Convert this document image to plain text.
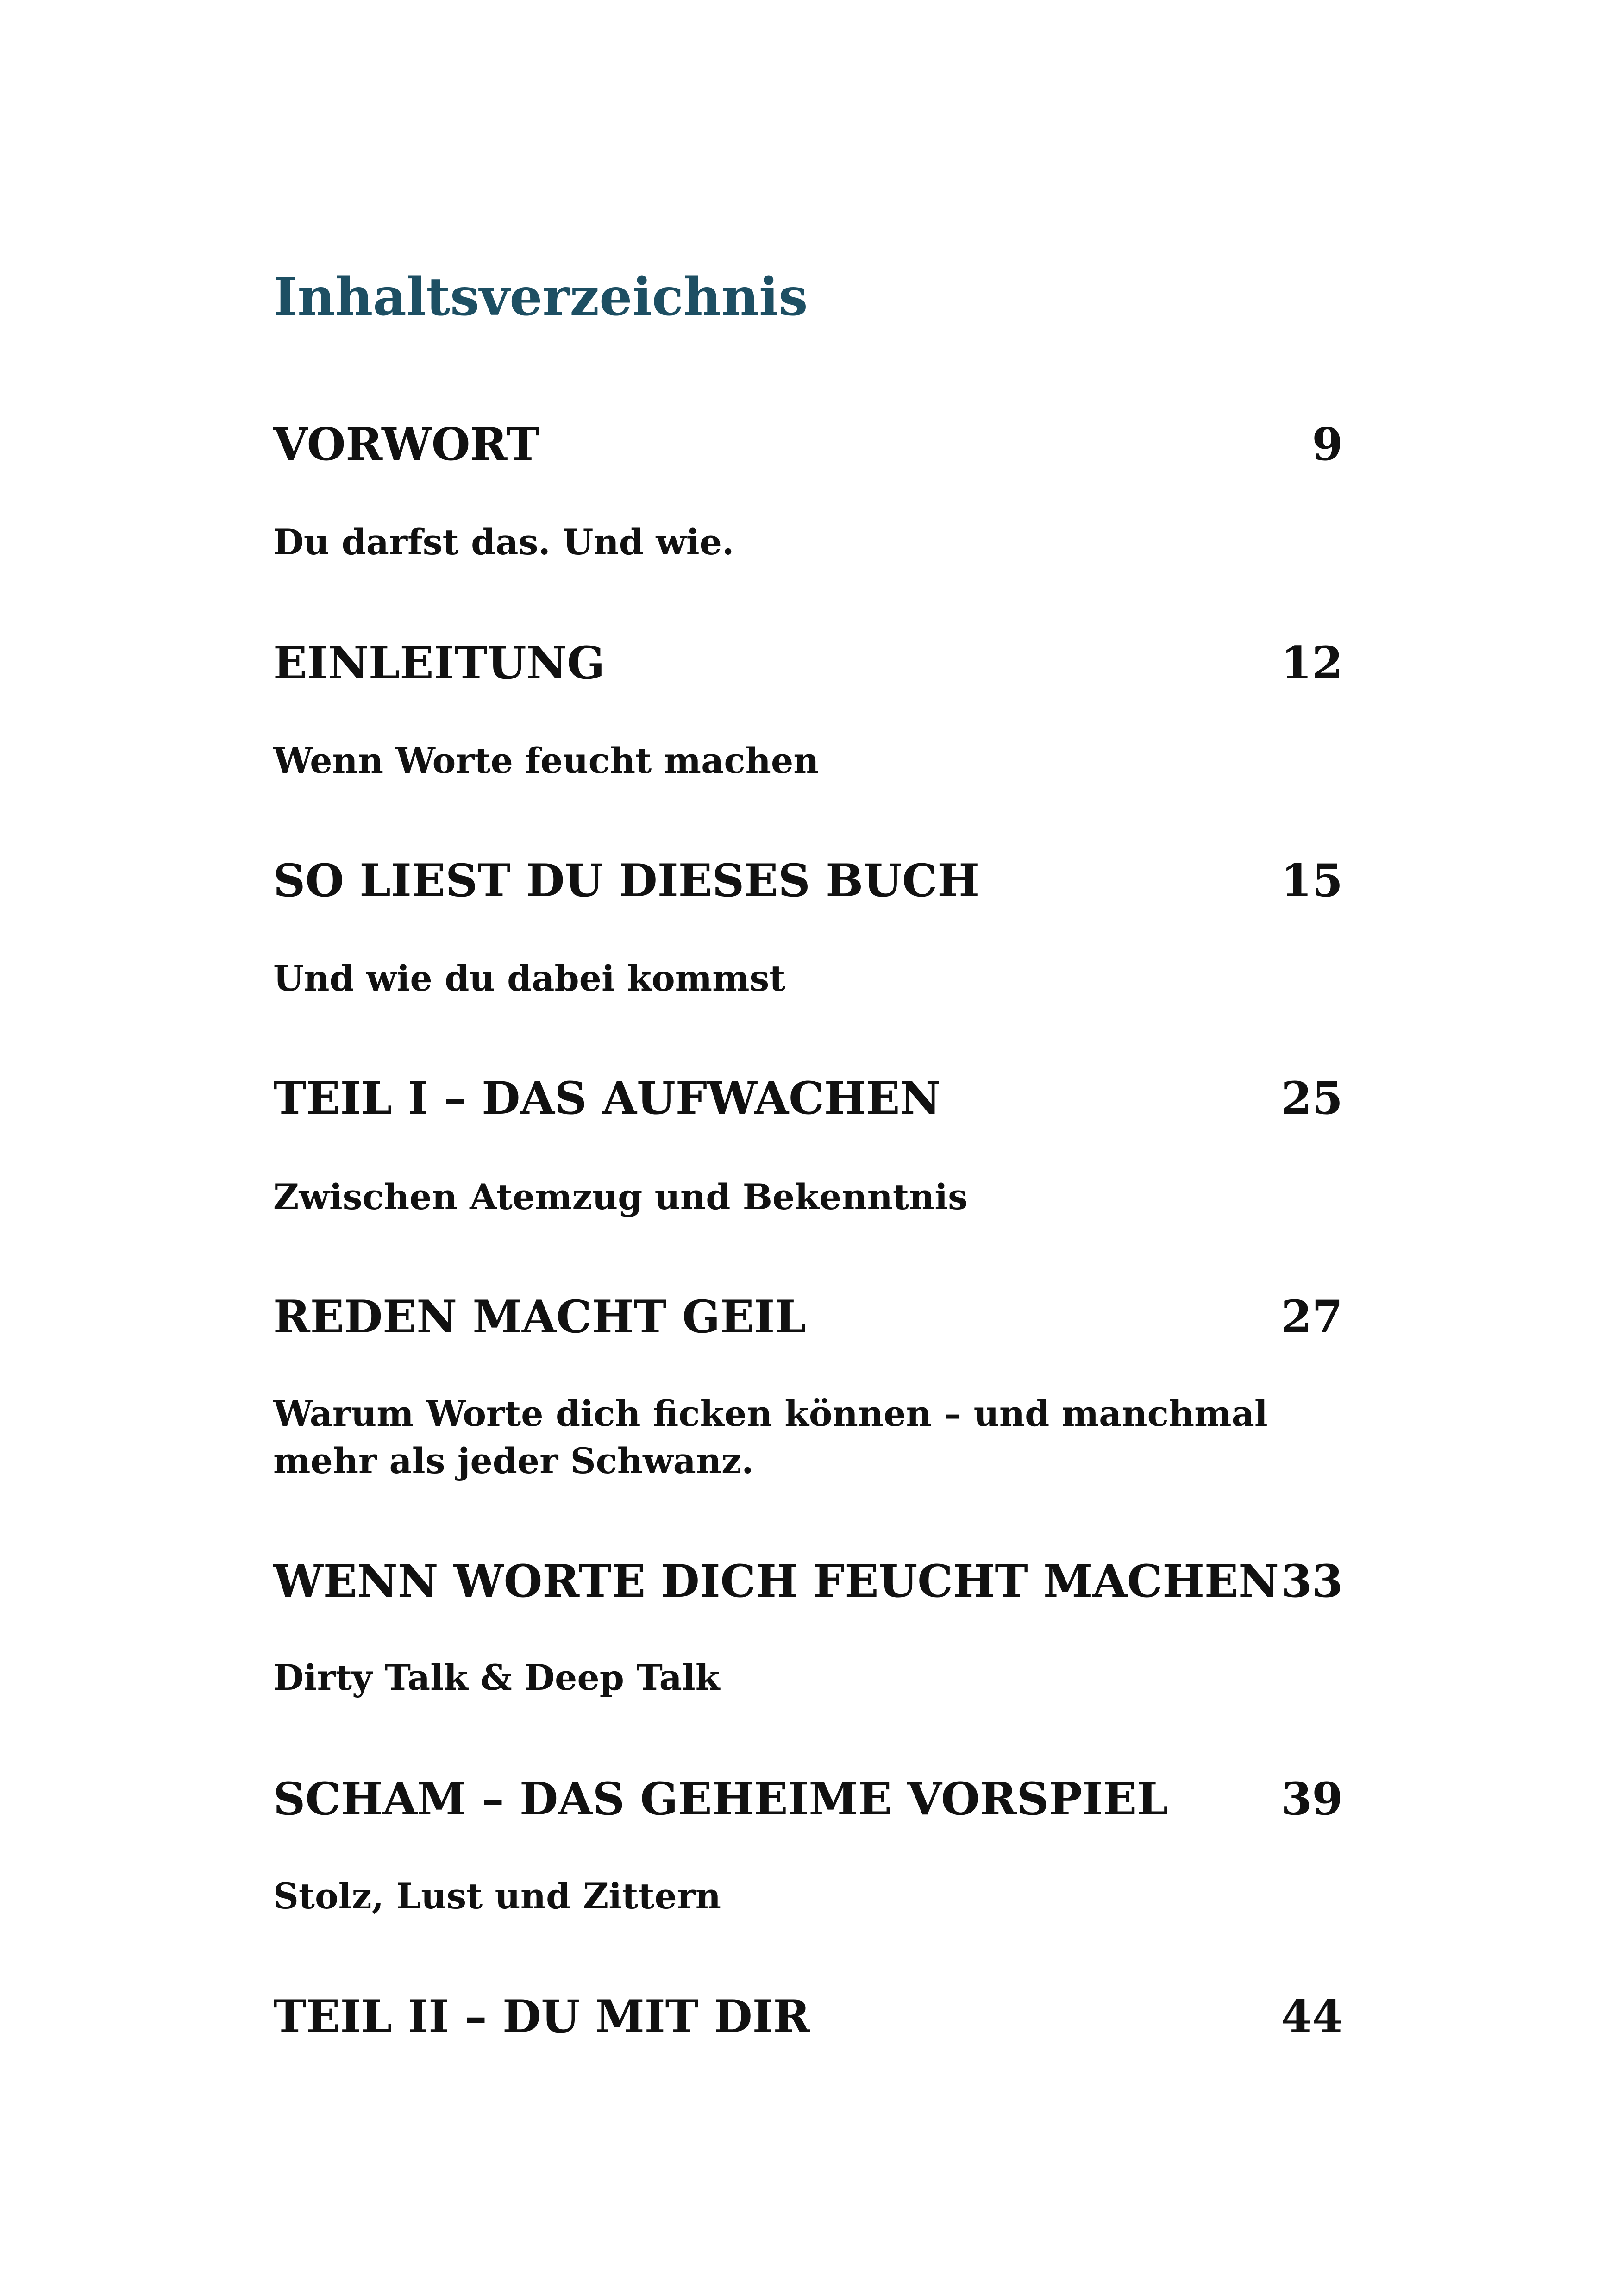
Inhaltsverzeichnis
VORWORT	9
Du darfst das. Und wie.
EINLEITUNG	12
Wenn Worte feucht machen
SO LIEST DU DIESES BUCH	15
Und wie du dabei kommst
TEIL I – DAS AUFWACHEN	25
Zwischen Atemzug und Bekenntnis
REDEN MACHT GEIL	27
Warum Worte dich ficken können – und manchmal mehr als jeder Schwanz.
WENN WORTE DICH FEUCHT MACHEN 33
Dirty Talk & Deep Talk
SCHAM – DAS GEHEIME VORSPIEL	39
Stolz, Lust und Zittern
TEIL II – DU MIT DIR	44
